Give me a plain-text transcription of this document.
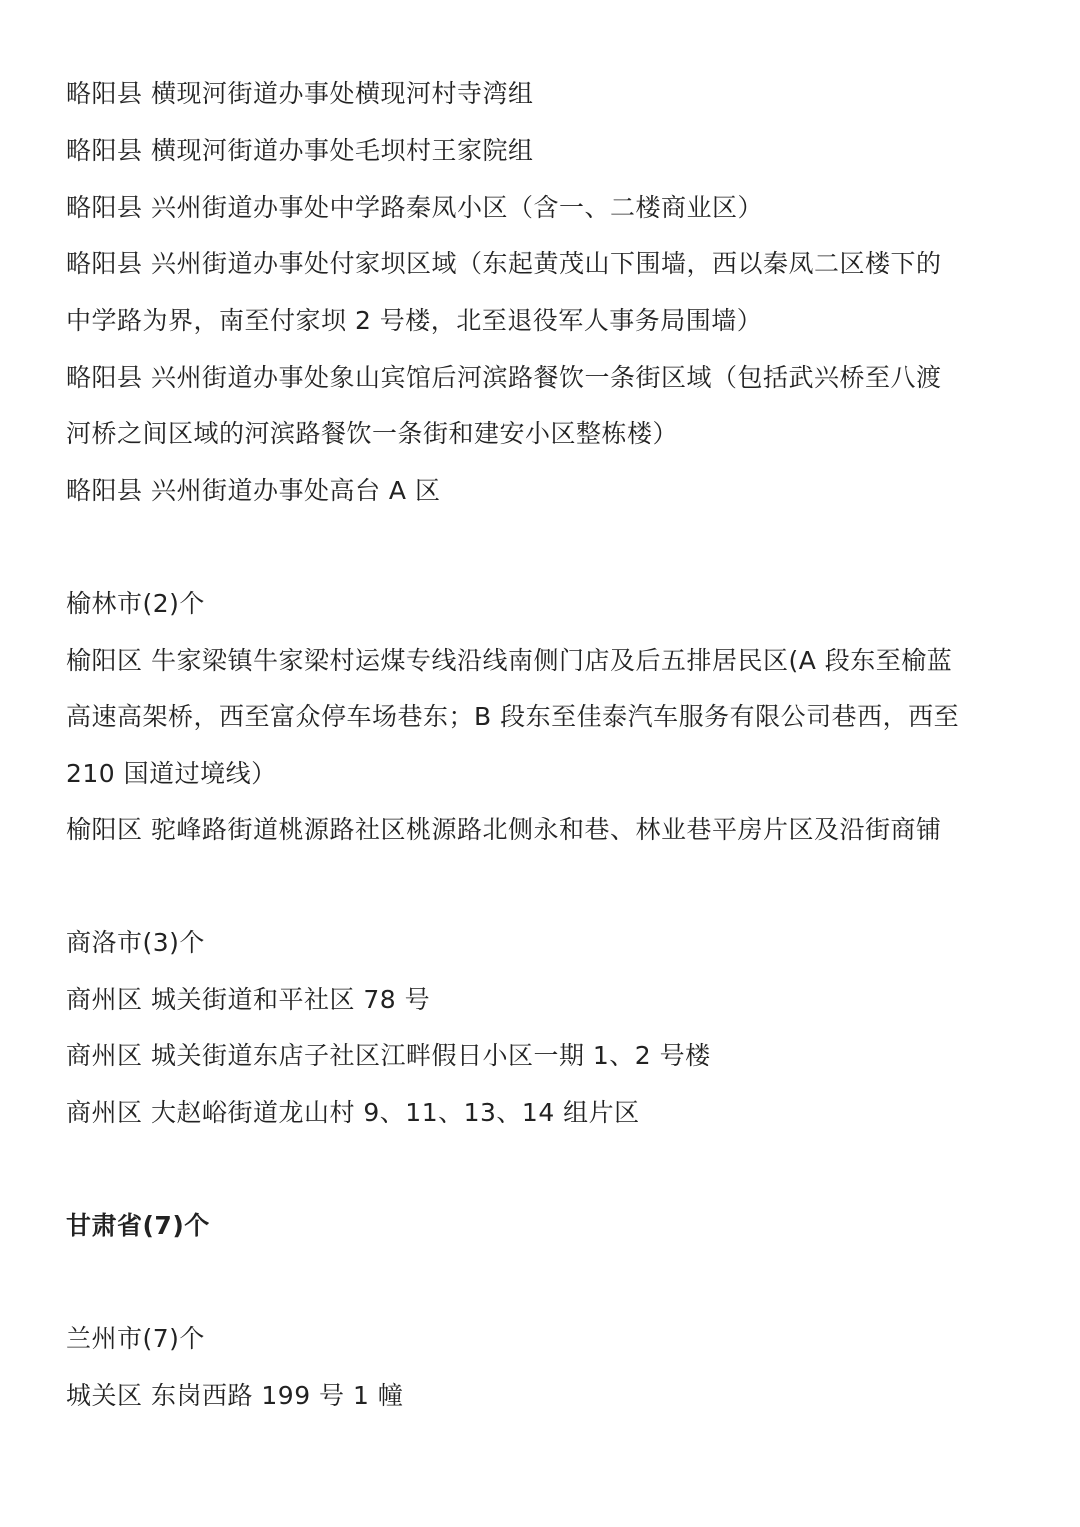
略阳县 横现河街道办事处横现河村寺湾组
略阳县 横现河街道办事处毛坝村王家院组
略阳县 兴州街道办事处中学路秦凤小区（含一、二楼商业区）
略阳县 兴州街道办事处付家坝区域（东起黄茂山下围墙，西以秦凤二区楼下的
中学路为界，南至付家坝 2 号楼，北至退役军人事务局围墙）
略阳县 兴州街道办事处象山宾馆后河滨路餐饮一条街区域（包括武兴桥至八渡
河桥之间区域的河滨路餐饮一条街和建安小区整栋楼）
略阳县 兴州街道办事处高台 A 区
榆林市(2)个
榆阳区 牛家梁镇牛家梁村运煤专线沿线南侧门店及后五排居民区(A 段东至榆蓝
高速高架桥，西至富众停车场巷东；B 段东至佳泰汽车服务有限公司巷西，西至
210 国道过境线）
榆阳区 驼峰路街道桃源路社区桃源路北侧永和巷、林业巷平房片区及沿街商铺
商洛市(3)个
商州区 城关街道和平社区 78 号
商州区 城关街道东店子社区江畔假日小区一期 1、2 号楼
商州区 大赵峪街道龙山村 9、11、13、14 组片区
甘肃省(7)个
兰州市(7)个
城关区 东岗西路 199 号 1 幢
